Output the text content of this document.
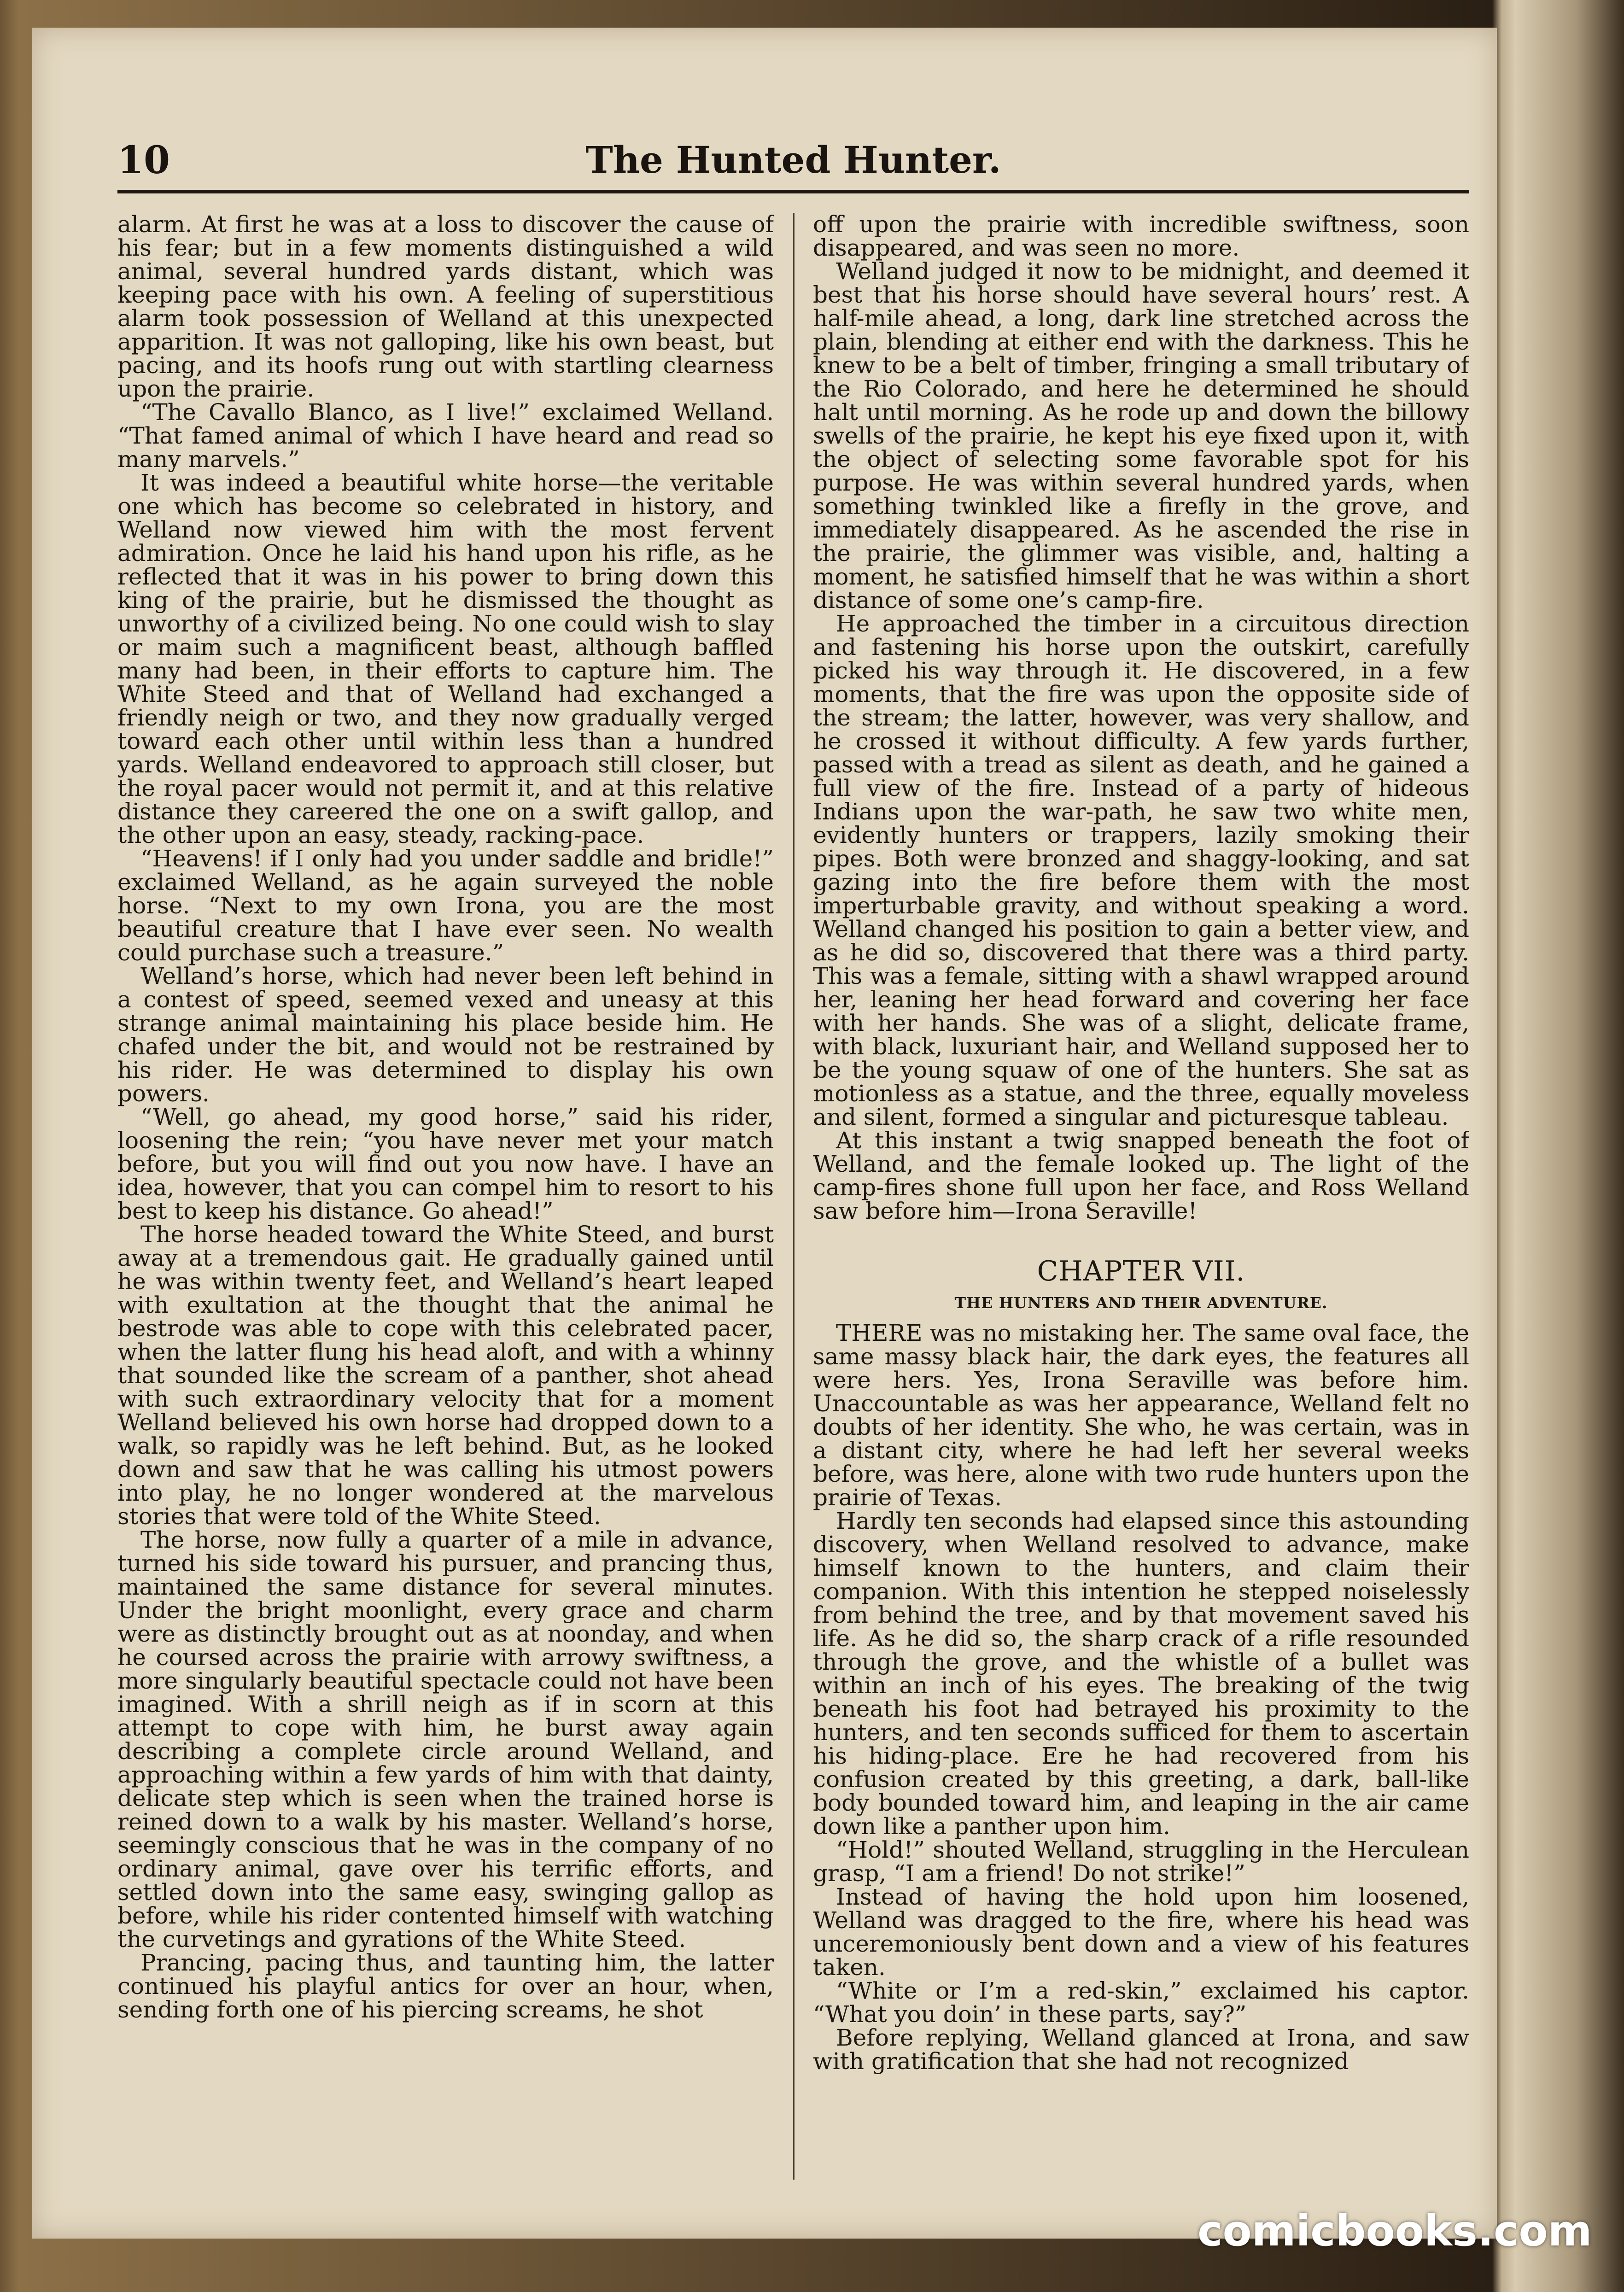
10	The Hunted Hunter.

alarm. At first he was at a loss to discover the cause of his fear; but in a few moments distinguished a wild animal, several hundred yards distant, which was keeping pace with his own. A feeling of superstitious alarm took possession of Welland at this unexpected apparition. It was not galloping, like his own beast, but pacing, and its hoofs rung out with startling clearness upon the prairie.

“The Cavallo Blanco, as I live!” exclaimed Welland. “That famed animal of which I have heard and read so many marvels.”

It was indeed a beautiful white horse—the veritable one which has become so celebrated in history, and Welland now viewed him with the most fervent admiration. Once he laid his hand upon his rifle, as he reflected that it was in his power to bring down this king of the prairie, but he dismissed the thought as unworthy of a civilized being. No one could wish to slay or maim such a magnificent beast, although baffled many had been, in their efforts to capture him. The White Steed and that of Welland had exchanged a friendly neigh or two, and they now gradually verged toward each other until within less than a hundred yards. Welland endeavored to approach still closer, but the royal pacer would not permit it, and at this relative distance they careered the one on a swift gallop, and the other upon an easy, steady, racking-pace.

“Heavens! if I only had you under saddle and bridle!” exclaimed Welland, as he again surveyed the noble horse. “Next to my own Irona, you are the most beautiful creature that I have ever seen. No wealth could purchase such a treasure.”

Welland’s horse, which had never been left behind in a contest of speed, seemed vexed and uneasy at this strange animal maintaining his place beside him. He chafed under the bit, and would not be restrained by his rider. He was determined to display his own powers.

“Well, go ahead, my good horse,” said his rider, loosening the rein; “you have never met your match before, but you will find out you now have. I have an idea, however, that you can compel him to resort to his best to keep his distance. Go ahead!”

The horse headed toward the White Steed, and burst away at a tremendous gait. He gradually gained until he was within twenty feet, and Welland’s heart leaped with exultation at the thought that the animal he bestrode was able to cope with this celebrated pacer, when the latter flung his head aloft, and with a whinny that sounded like the scream of a panther, shot ahead with such extraordinary velocity that for a moment Welland believed his own horse had dropped down to a walk, so rapidly was he left behind. But, as he looked down and saw that he was calling his utmost powers into play, he no longer wondered at the marvelous stories that were told of the White Steed.

The horse, now fully a quarter of a mile in advance, turned his side toward his pursuer, and prancing thus, maintained the same distance for several minutes. Under the bright moonlight, every grace and charm were as distinctly brought out as at noonday, and when he coursed across the prairie with arrowy swiftness, a more singularly beautiful spectacle could not have been imagined. With a shrill neigh as if in scorn at this attempt to cope with him, he burst away again describing a complete circle around Welland, and approaching within a few yards of him with that dainty, delicate step which is seen when the trained horse is reined down to a walk by his master. Welland’s horse, seemingly conscious that he was in the company of no ordinary animal, gave over his terrific efforts, and settled down into the same easy, swinging gallop as before, while his rider contented himself with watching the curvetings and gyrations of the White Steed.

Prancing, pacing thus, and taunting him, the latter continued his playful antics for over an hour, when, sending forth one of his piercing screams, he shot

off upon the prairie with incredible swiftness, soon disappeared, and was seen no more.

Welland judged it now to be midnight, and deemed it best that his horse should have several hours’ rest. A half-mile ahead, a long, dark line stretched across the plain, blending at either end with the darkness. This he knew to be a belt of timber, fringing a small tributary of the Rio Colorado, and here he determined he should halt until morning. As he rode up and down the billowy swells of the prairie, he kept his eye fixed upon it, with the object of selecting some favorable spot for his purpose. He was within several hundred yards, when something twinkled like a firefly in the grove, and immediately disappeared. As he ascended the rise in the prairie, the glimmer was visible, and, halting a moment, he satisfied himself that he was within a short distance of some one’s camp-fire.

He approached the timber in a circuitous direction and fastening his horse upon the outskirt, carefully picked his way through it. He discovered, in a few moments, that the fire was upon the opposite side of the stream; the latter, however, was very shallow, and he crossed it without difficulty. A few yards further, passed with a tread as silent as death, and he gained a full view of the fire. Instead of a party of hideous Indians upon the war-path, he saw two white men, evidently hunters or trappers, lazily smoking their pipes. Both were bronzed and shaggy-looking, and sat gazing into the fire before them with the most imperturbable gravity, and without speaking a word. Welland changed his position to gain a better view, and as he did so, discovered that there was a third party. This was a female, sitting with a shawl wrapped around her, leaning her head forward and covering her face with her hands. She was of a slight, delicate frame, with black, luxuriant hair, and Welland supposed her to be the young squaw of one of the hunters. She sat as motionless as a statue, and the three, equally moveless and silent, formed a singular and picturesque tableau.

At this instant a twig snapped beneath the foot of Welland, and the female looked up. The light of the camp-fires shone full upon her face, and Ross Welland saw before him—Irona Seraville!

CHAPTER VII.
THE HUNTERS AND THEIR ADVENTURE.

THERE was no mistaking her. The same oval face, the same massy black hair, the dark eyes, the features all were hers. Yes, Irona Seraville was before him. Unaccountable as was her appearance, Welland felt no doubts of her identity. She who, he was certain, was in a distant city, where he had left her several weeks before, was here, alone with two rude hunters upon the prairie of Texas.

Hardly ten seconds had elapsed since this astounding discovery, when Welland resolved to advance, make himself known to the hunters, and claim their companion. With this intention he stepped noiselessly from behind the tree, and by that movement saved his life. As he did so, the sharp crack of a rifle resounded through the grove, and the whistle of a bullet was within an inch of his eyes. The breaking of the twig beneath his foot had betrayed his proximity to the hunters, and ten seconds sufficed for them to ascertain his hiding-place. Ere he had recovered from his confusion created by this greeting, a dark, ball-like body bounded toward him, and leaping in the air came down like a panther upon him.

“Hold!” shouted Welland, struggling in the Herculean grasp, “I am a friend! Do not strike!”

Instead of having the hold upon him loosened, Welland was dragged to the fire, where his head was unceremoniously bent down and a view of his features taken.

“White or I’m a red-skin,” exclaimed his captor. “What you doin’ in these parts, say?”

Before replying, Welland glanced at Irona, and saw with gratification that she had not recognized

comicbooks.com
